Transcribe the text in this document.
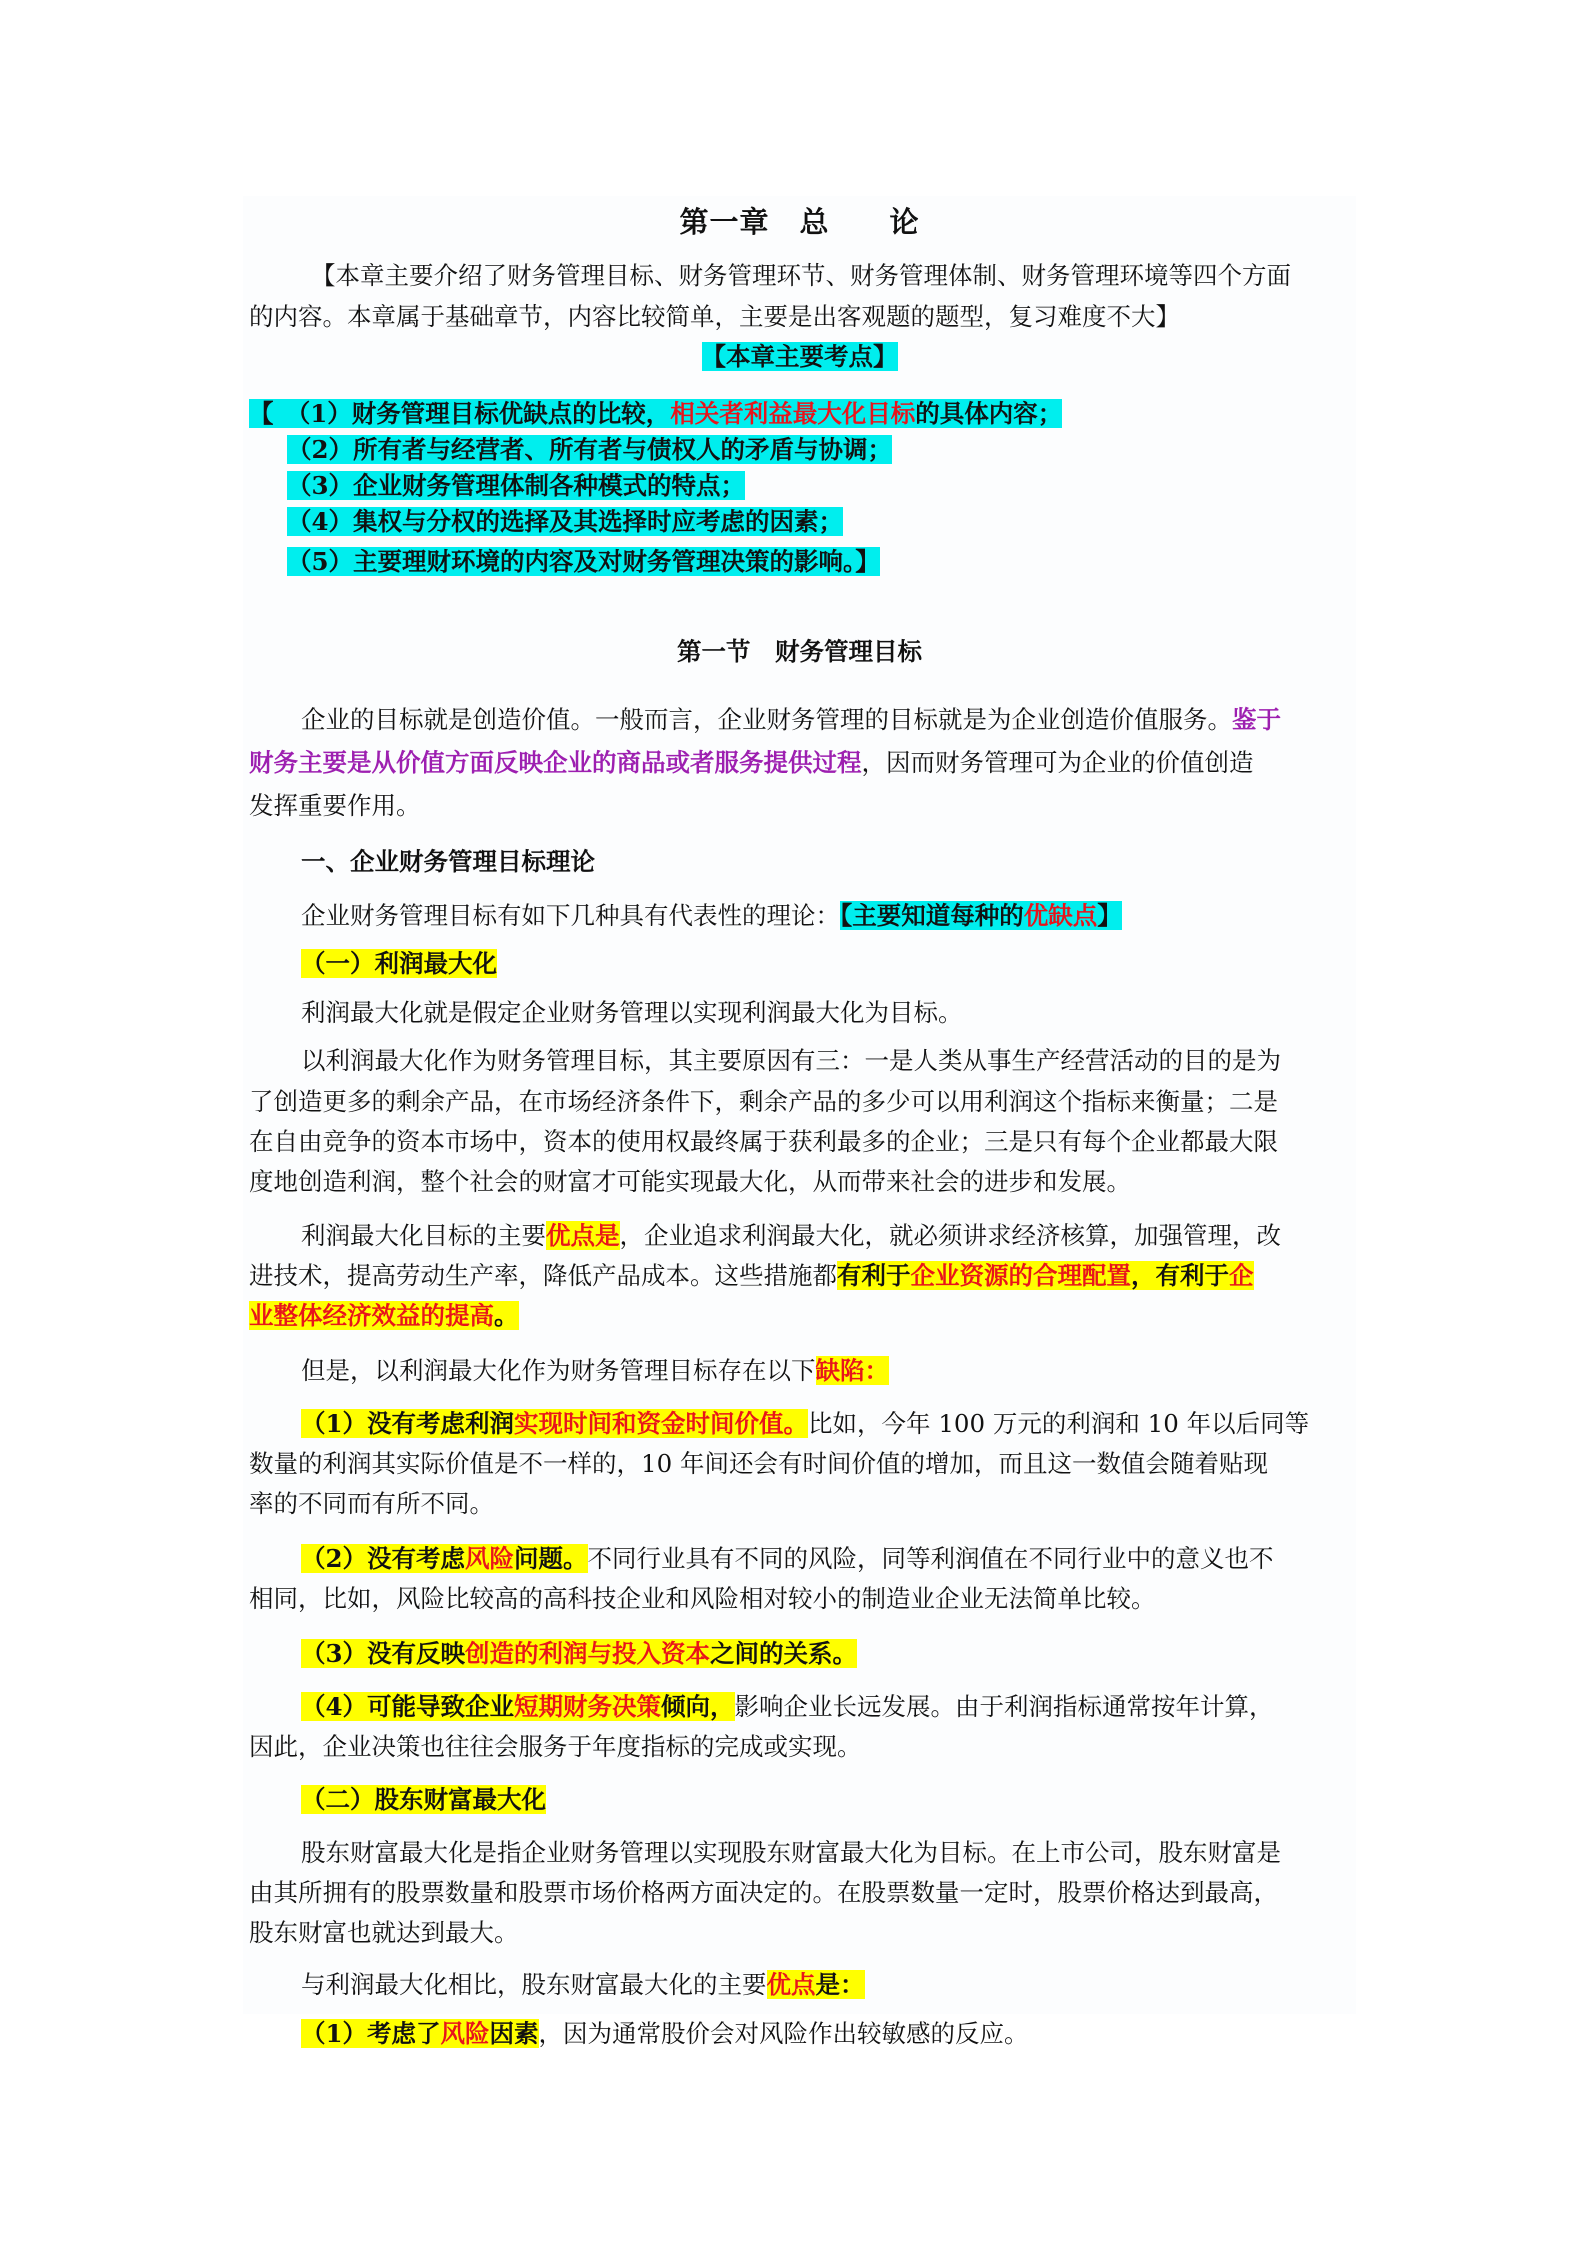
第一章　总　　论
【本章主要介绍了财务管理目标、财务管理环节、财务管理体制、财务管理环境等四个方面
的内容。本章属于基础章节，内容比较简单，主要是出客观题的题型，复习难度不大】
【本章主要考点】
【　（1）财务管理目标优缺点的比较，相关者利益最大化目标的具体内容；
（2）所有者与经营者、所有者与债权人的矛盾与协调；
（3）企业财务管理体制各种模式的特点；
（4）集权与分权的选择及其选择时应考虑的因素；
（5）主要理财环境的内容及对财务管理决策的影响。】
第一节　财务管理目标
企业的目标就是创造价值。一般而言，企业财务管理的目标就是为企业创造价值服务。鉴于
财务主要是从价值方面反映企业的商品或者服务提供过程，因而财务管理可为企业的价值创造
发挥重要作用。
一、企业财务管理目标理论
企业财务管理目标有如下几种具有代表性的理论：【主要知道每种的优缺点】
（一）利润最大化
利润最大化就是假定企业财务管理以实现利润最大化为目标。
以利润最大化作为财务管理目标，其主要原因有三：一是人类从事生产经营活动的目的是为
了创造更多的剩余产品，在市场经济条件下，剩余产品的多少可以用利润这个指标来衡量；二是
在自由竞争的资本市场中，资本的使用权最终属于获利最多的企业；三是只有每个企业都最大限
度地创造利润，整个社会的财富才可能实现最大化，从而带来社会的进步和发展。
利润最大化目标的主要优点是，企业追求利润最大化，就必须讲求经济核算，加强管理，改
进技术，提高劳动生产率，降低产品成本。这些措施都有利于企业资源的合理配置，有利于企
业整体经济效益的提高。
但是，以利润最大化作为财务管理目标存在以下缺陷：
（1）没有考虑利润实现时间和资金时间价值。比如，今年 100 万元的利润和 10 年以后同等
数量的利润其实际价值是不一样的，10 年间还会有时间价值的增加，而且这一数值会随着贴现
率的不同而有所不同。
（2）没有考虑风险问题。不同行业具有不同的风险，同等利润值在不同行业中的意义也不
相同，比如，风险比较高的高科技企业和风险相对较小的制造业企业无法简单比较。
（3）没有反映创造的利润与投入资本之间的关系。
（4）可能导致企业短期财务决策倾向，影响企业长远发展。由于利润指标通常按年计算，
因此，企业决策也往往会服务于年度指标的完成或实现。
（二）股东财富最大化
股东财富最大化是指企业财务管理以实现股东财富最大化为目标。在上市公司，股东财富是
由其所拥有的股票数量和股票市场价格两方面决定的。在股票数量一定时，股票价格达到最高，
股东财富也就达到最大。
与利润最大化相比，股东财富最大化的主要优点是：
（1）考虑了风险因素，因为通常股价会对风险作出较敏感的反应。
